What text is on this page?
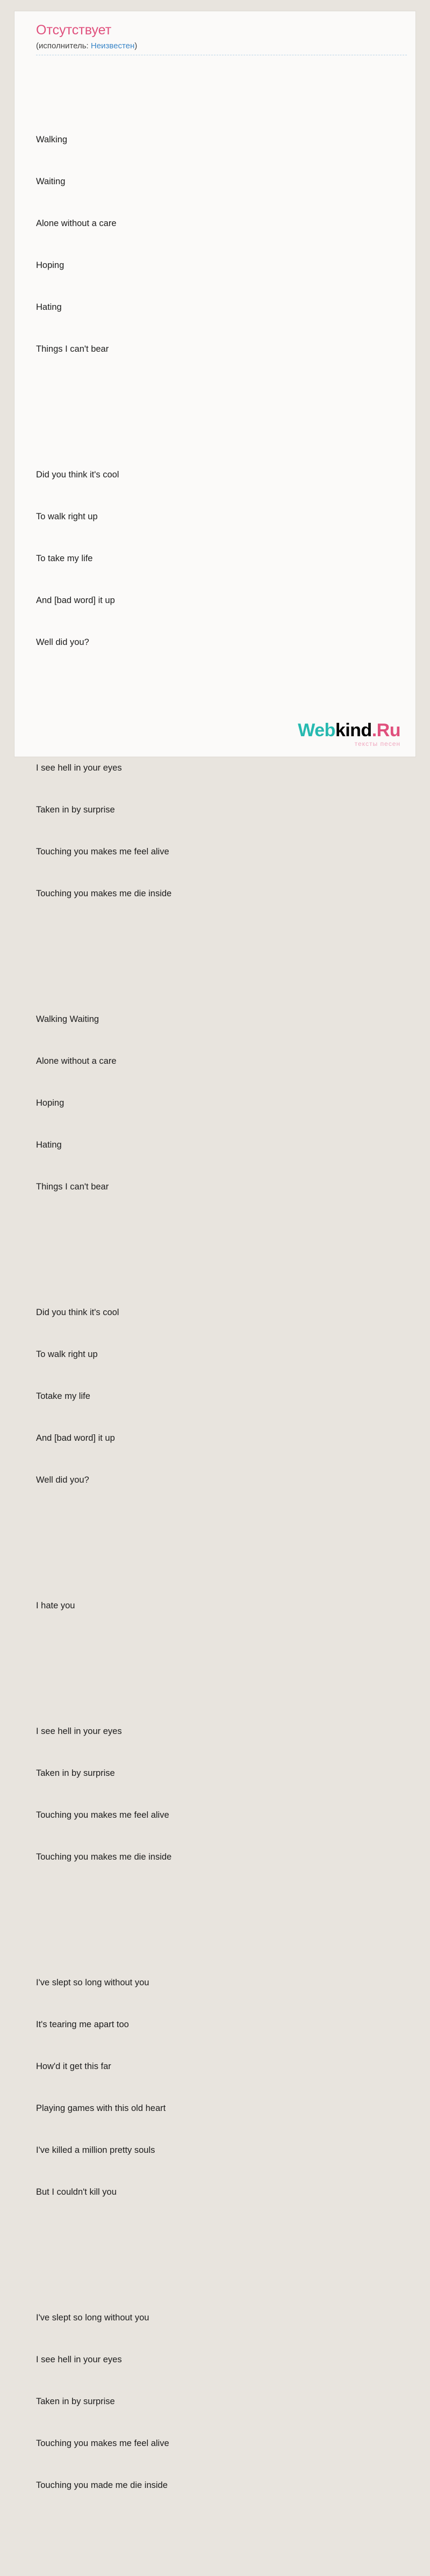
Отсутствует
(исполнитель: Неизвестен)

Walking

Waiting

Alone without a care

Hoping

Hating

Things I can't bear

Did you think it's cool

To walk right up

To take my life

And [bad word] it up

Well did you?

I see hell in your eyes

Taken in by surprise

Touching you makes me feel alive

Touching you makes me die inside

Walking Waiting

Alone without a care

Hoping

Hating

Things I can't bear

Did you think it's cool

To walk right up

Totake my life

And [bad word] it up

Well did you?

I hate you

I see hell in your eyes

Taken in by surprise

Touching you makes me feel alive

Touching you makes me die inside

I've slept so long without you

It's tearing me apart too

How'd it get this far

Playing games with this old heart

I've killed a million pretty souls

But I couldn't kill you

I've slept so long without you

I see hell in your eyes

Taken in by surprise

Touching you makes me feel alive

Touching you made me die inside

Webkind.Ru
тексты песен
